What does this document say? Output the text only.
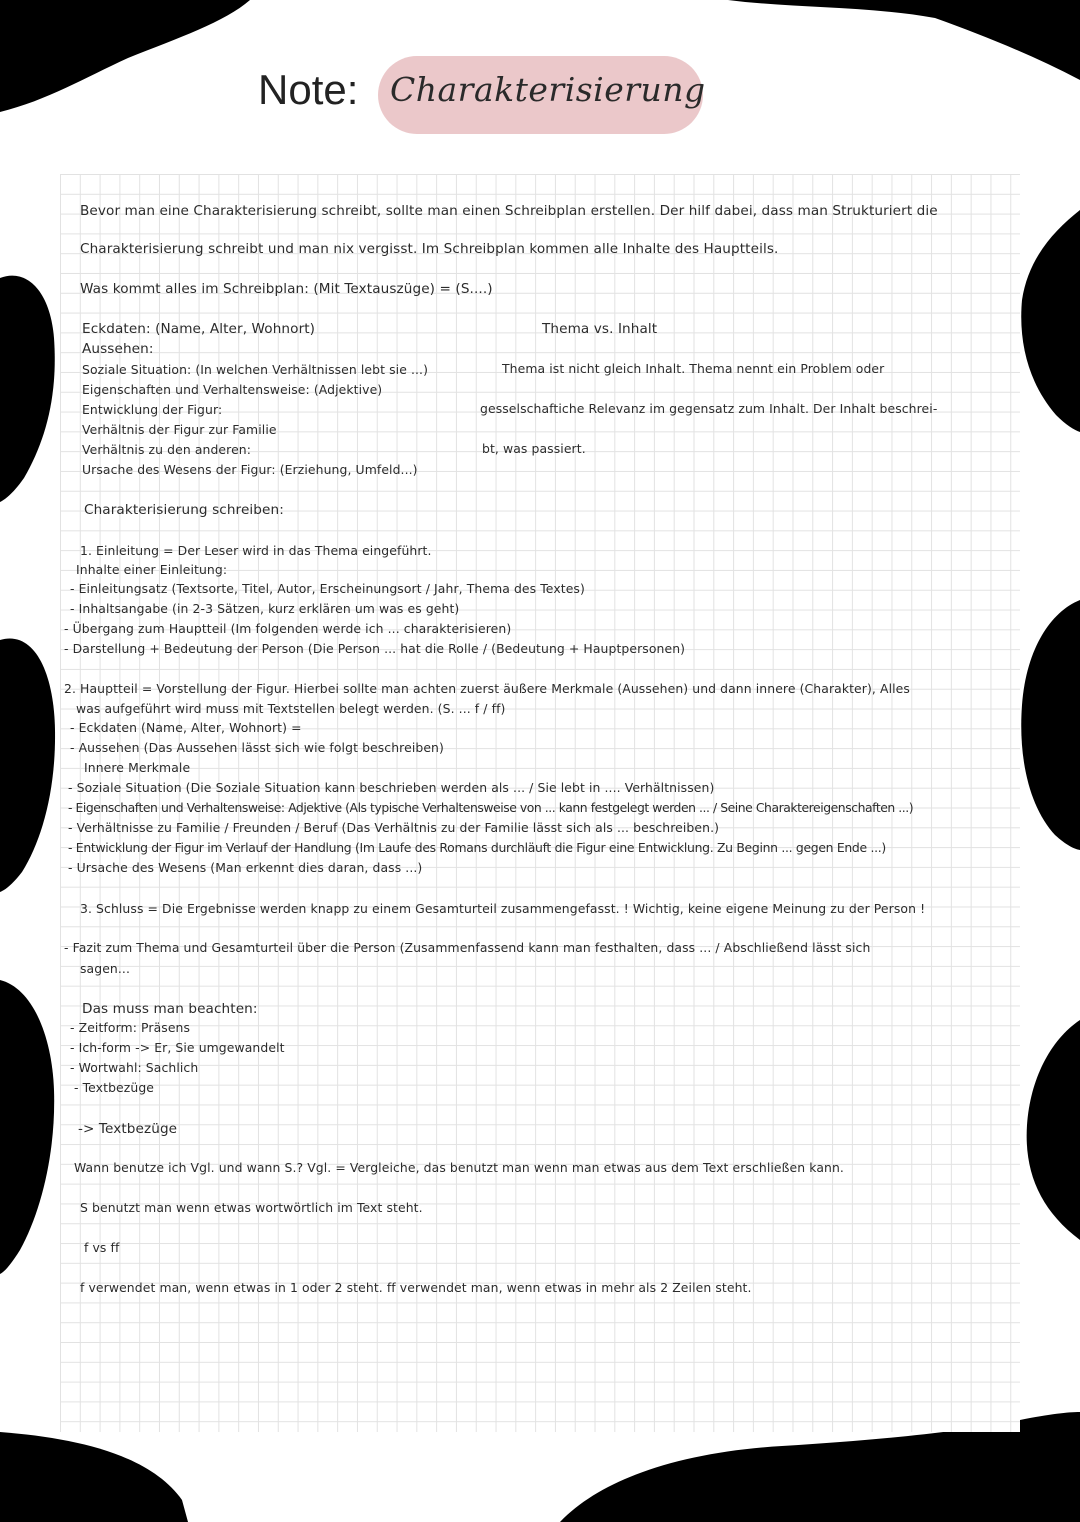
Note: Charakterisierung
Bevor man eine Charakterisierung schreibt, sollte man einen Schreibplan erstellen. Der hilf dabei, dass man Strukturiert die
Charakterisierung schreibt und man nix vergisst. Im Schreibplan kommen alle Inhalte des Hauptteils.
Was kommt alles im Schreibplan: (Mit Textauszüge) = (S....)
Eckdaten: (Name, Alter, Wohnort)
Aussehen:
Soziale Situation: (In welchen Verhältnissen lebt sie ...)
Eigenschaften und Verhaltensweise: (Adjektive)
Entwicklung der Figur:
Verhältnis der Figur zur Familie
Verhältnis zu den anderen:
Ursache des Wesens der Figur: (Erziehung, Umfeld...)
Thema vs. Inhalt
Thema ist nicht gleich Inhalt. Thema nennt ein Problem oder
gesselschaftiche Relevanz im gegensatz zum Inhalt. Der Inhalt beschrei-
bt, was passiert.
Charakterisierung schreiben:
1. Einleitung = Der Leser wird in das Thema eingeführt.
Inhalte einer Einleitung:
- Einleitungsatz (Textsorte, Titel, Autor, Erscheinungsort / Jahr, Thema des Textes)
- Inhaltsangabe (in 2-3 Sätzen, kurz erklären um was es geht)
- Übergang zum Hauptteil (Im folgenden werde ich ... charakterisieren)
- Darstellung + Bedeutung der Person (Die Person ... hat die Rolle / (Bedeutung + Hauptpersonen)
2. Hauptteil = Vorstellung der Figur. Hierbei sollte man achten zuerst äußere Merkmale (Aussehen) und dann innere (Charakter), Alles
was aufgeführt wird muss mit Textstellen belegt werden. (S. ... f / ff)
- Eckdaten (Name, Alter, Wohnort) =
- Aussehen (Das Aussehen lässt sich wie folgt beschreiben)
Innere Merkmale
- Soziale Situation (Die Soziale Situation kann beschrieben werden als ... / Sie lebt in .... Verhältnissen)
- Eigenschaften und Verhaltensweise: Adjektive (Als typische Verhaltensweise von ... kann festgelegt werden ... / Seine Charaktereigenschaften ...)
- Verhältnisse zu Familie / Freunden / Beruf (Das Verhältnis zu der Familie lässt sich als ... beschreiben.)
- Entwicklung der Figur im Verlauf der Handlung (Im Laufe des Romans durchläuft die Figur eine Entwicklung. Zu Beginn ... gegen Ende ...)
- Ursache des Wesens (Man erkennt dies daran, dass ...)
3. Schluss = Die Ergebnisse werden knapp zu einem Gesamturteil zusammengefasst. ! Wichtig, keine eigene Meinung zu der Person !
- Fazit zum Thema und Gesamturteil über die Person (Zusammenfassend kann man festhalten, dass ... / Abschließend lässt sich
sagen...
Das muss man beachten:
- Zeitform: Präsens
- Ich-form -> Er, Sie umgewandelt
- Wortwahl: Sachlich
- Textbezüge
-> Textbezüge
Wann benutze ich Vgl. und wann S.? Vgl. = Vergleiche, das benutzt man wenn man etwas aus dem Text erschließen kann.
S benutzt man wenn etwas wortwörtlich im Text steht.
f vs ff
f verwendet man, wenn etwas in 1 oder 2 steht. ff verwendet man, wenn etwas in mehr als 2 Zeilen steht.
